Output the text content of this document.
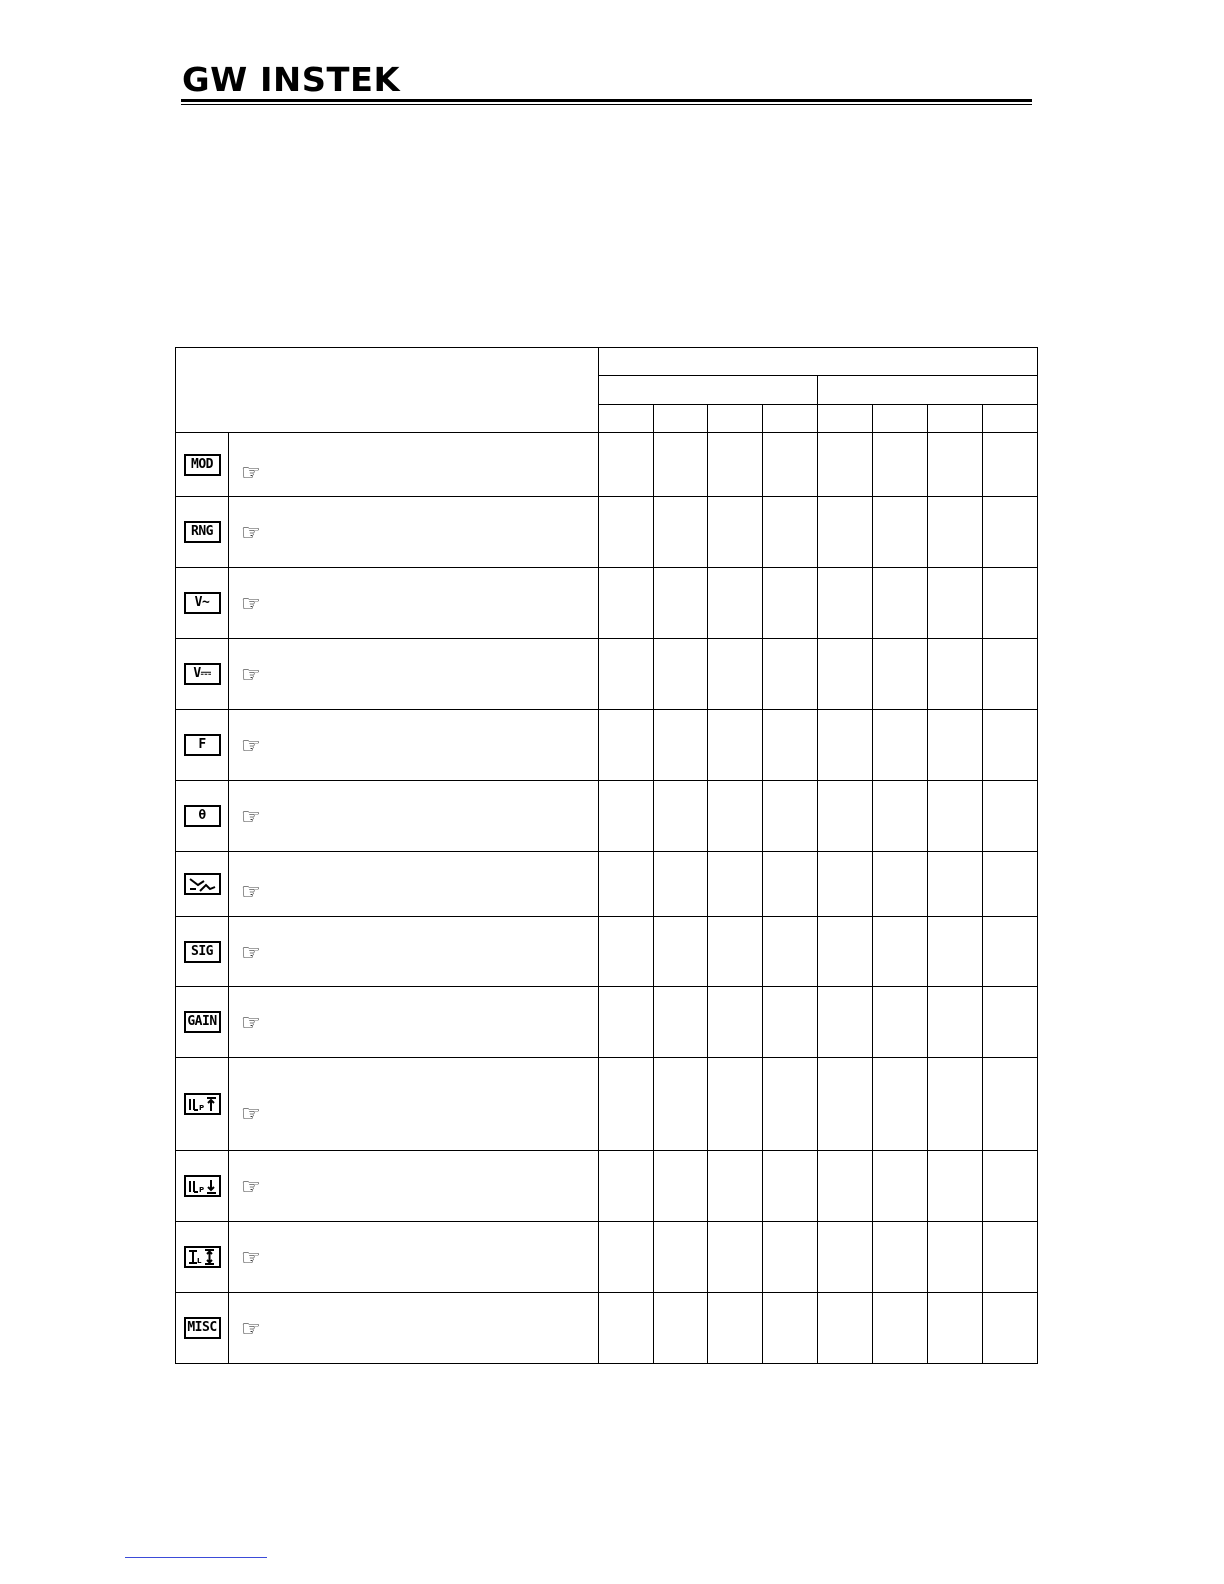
GW INSTEK

MOD	☞								

RNG	☞								

V~	☞								

V⎓	☞								

F	☞								

θ	☞								

☞								

SIG	☞								

GAIN	☞								

P	☞								

P	☞								

L	☞								

MISC	☞								
